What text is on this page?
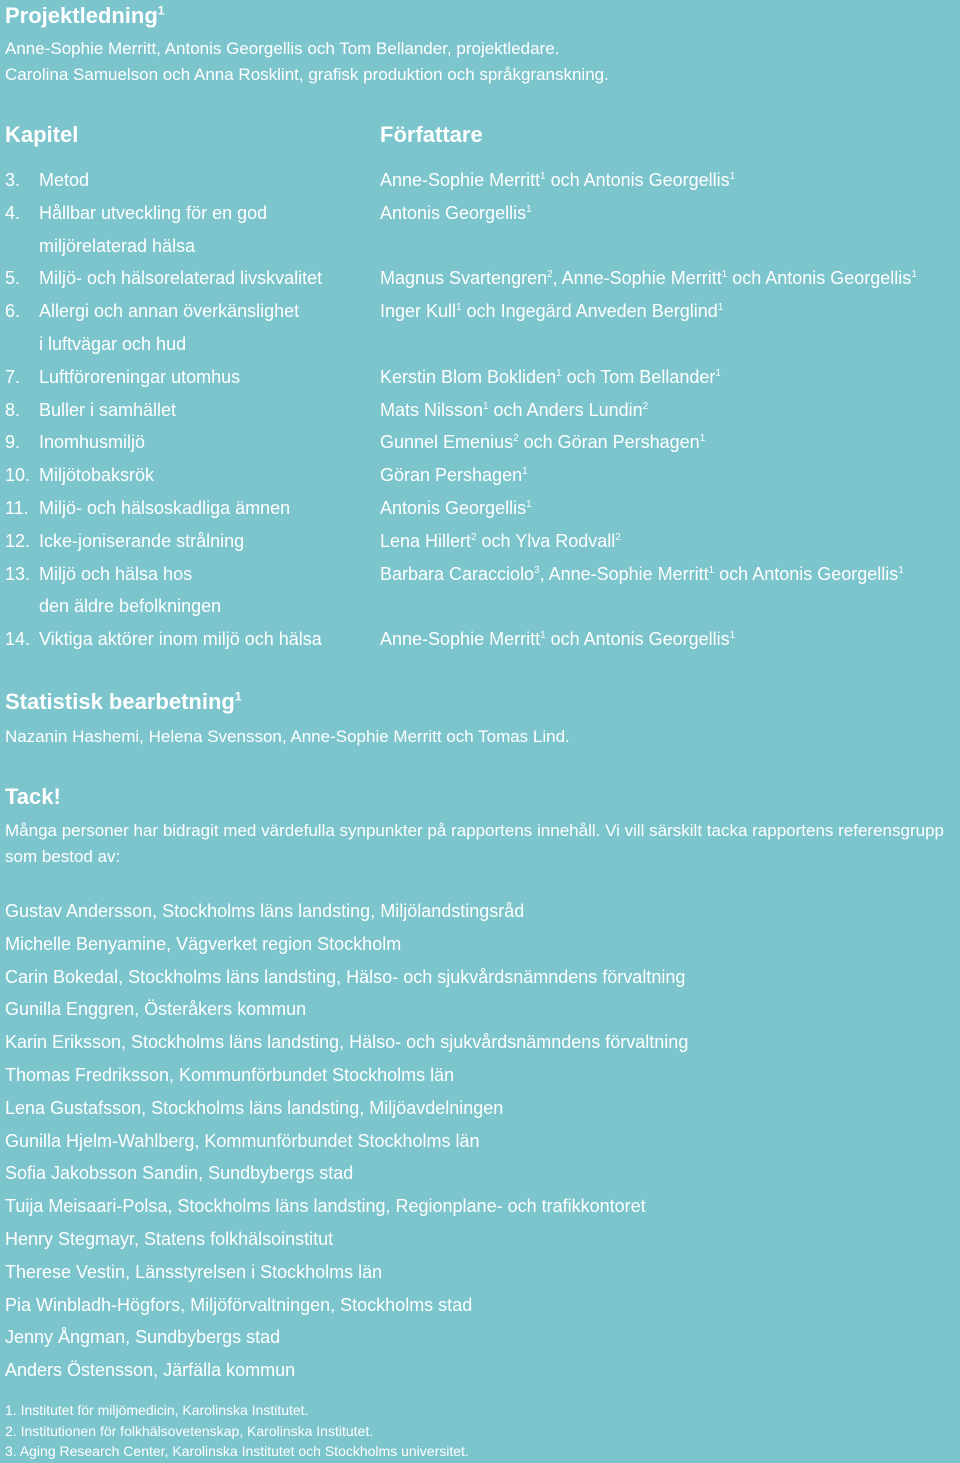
Projektledning$^1$

Anne-Sophie Merritt, Antonis Georgellis och Tom Bellander, projektledare.

Carolina Samuelson och Anna Rosklint, grafisk produktion och språkgranskning.

Kapitel	Författare
3.	Metod	Anne-Sophie Merritt$^1$ och Antonis Georgellis$^1$
4.	Hållbar utveckling för en god	Antonis Georgellis$^1$
miljörelaterad hälsa
5.	Miljö- och hälsorelaterad livskvalitet	Magnus Svartengren$^2$, Anne-Sophie Merritt$^1$ och Antonis Georgellis$^1$
6.	Allergi och annan överkänslighet	Inger Kull$^1$ och Ingegärd Anveden Berglind$^1$
i luftvägar och hud
7.	Luftföroreningar utomhus	Kerstin Blom Bokliden$^1$ och Tom Bellander$^1$
8.	Buller i samhället	Mats Nilsson$^1$ och Anders Lundin$^2$
9.	Inomhusmiljö	Gunnel Emenius$^2$ och Göran Pershagen$^1$
10. Miljötobaksrök	Göran Pershagen$^1$
11. Miljö- och hälsoskadliga ämnen	Antonis Georgellis$^1$
12. Icke-joniserande strålning	Lena Hillert$^2$ och Ylva Rodvall$^2$
13. Miljö och hälsa hos	Barbara Caracciolo$^3$, Anne-Sophie Merritt$^1$ och Antonis Georgellis$^1$
den äldre befolkningen
14. Viktiga aktörer inom miljö och hälsa	Anne-Sophie Merritt$^1$ och Antonis Georgellis$^1$
Statistisk bearbetning$^1$

Nazanin Hashemi, Helena Svensson, Anne-Sophie Merritt och Tomas Lind.

Tack!

Många personer har bidragit med värdefulla synpunkter på rapportens innehåll. Vi vill särskilt tacka rapportens referensgrupp som bestod av:

Gustav Andersson, Stockholms läns landsting, Miljölandstingsråd
Michelle Benyamine, Vägverket region Stockholm
Carin Bokedal, Stockholms läns landsting, Hälso- och sjukvårdsnämndens förvaltning
Gunilla Enggren, Österåkers kommun
Karin Eriksson, Stockholms läns landsting, Hälso- och sjukvårdsnämndens förvaltning
Thomas Fredriksson, Kommunförbundet Stockholms län
Lena Gustafsson, Stockholms läns landsting, Miljöavdelningen
Gunilla Hjelm-Wahlberg, Kommunförbundet Stockholms län
Sofia Jakobsson Sandin, Sundbybergs stad
Tuija Meisaari-Polsa, Stockholms läns landsting, Regionplane- och trafikkontoret
Henry Stegmayr, Statens folkhälsoinstitut
Therese Vestin, Länsstyrelsen i Stockholms län
Pia Winbladh-Högfors, Miljöförvaltningen, Stockholms stad
Jenny Ångman, Sundbybergs stad
Anders Östensson, Järfälla kommun
1. Institutet för miljömedicin, Karolinska Institutet.
2. Institutionen för folkhälsovetenskap, Karolinska Institutet.
3. Aging Research Center, Karolinska Institutet och Stockholms universitet.
